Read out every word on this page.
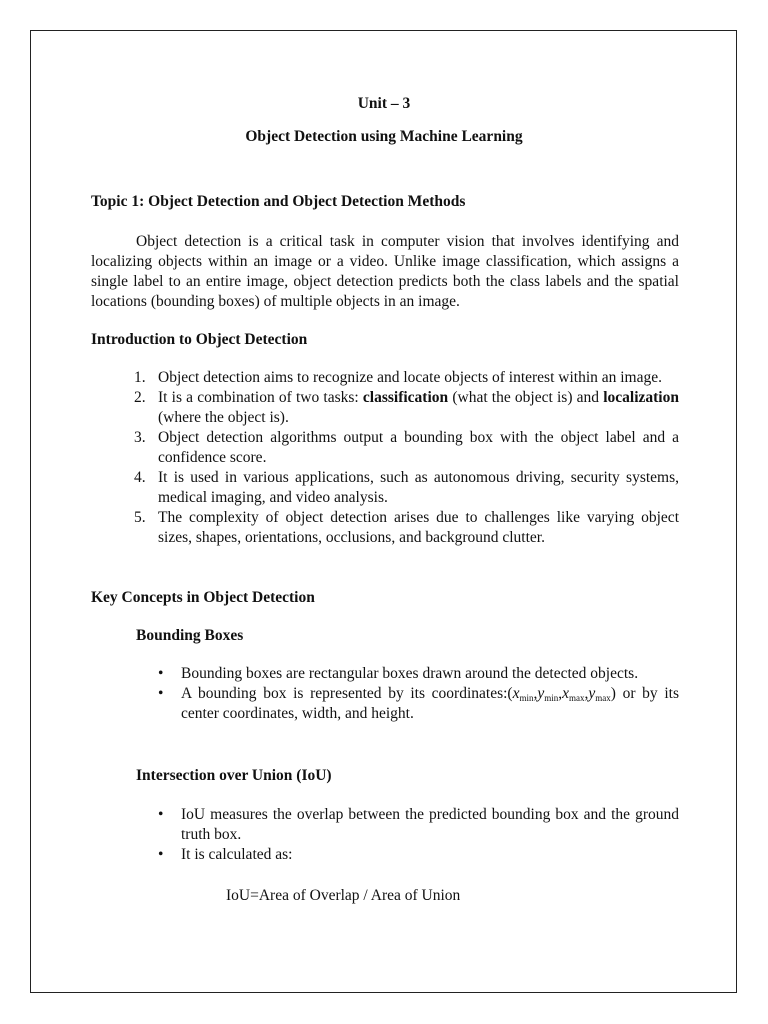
Unit – 3
Object Detection using Machine Learning
Topic 1: Object Detection and Object Detection Methods
Object detection is a critical task in computer vision that involves identifying and localizing objects within an image or a video. Unlike image classification, which assigns a single label to an entire image, object detection predicts both the class labels and the spatial locations (bounding boxes) of multiple objects in an image.
Introduction to Object Detection
1. Object detection aims to recognize and locate objects of interest within an image.
2. It is a combination of two tasks: classification (what the object is) and localization (where the object is).
3. Object detection algorithms output a bounding box with the object label and a confidence score.
4. It is used in various applications, such as autonomous driving, security systems, medical imaging, and video analysis.
5. The complexity of object detection arises due to challenges like varying object sizes, shapes, orientations, occlusions, and background clutter.
Key Concepts in Object Detection
Bounding Boxes
• Bounding boxes are rectangular boxes drawn around the detected objects.
• A bounding box is represented by its $coordinates:(x_{min},y_{min},x_{max},y_{max})$ or by its center coordinates, width, and height.
Intersection over Union (IoU)
• IoU measures the overlap between the predicted bounding box and the ground truth box.
• It is calculated as:
IoU=Area of Overlap / Area of Union
